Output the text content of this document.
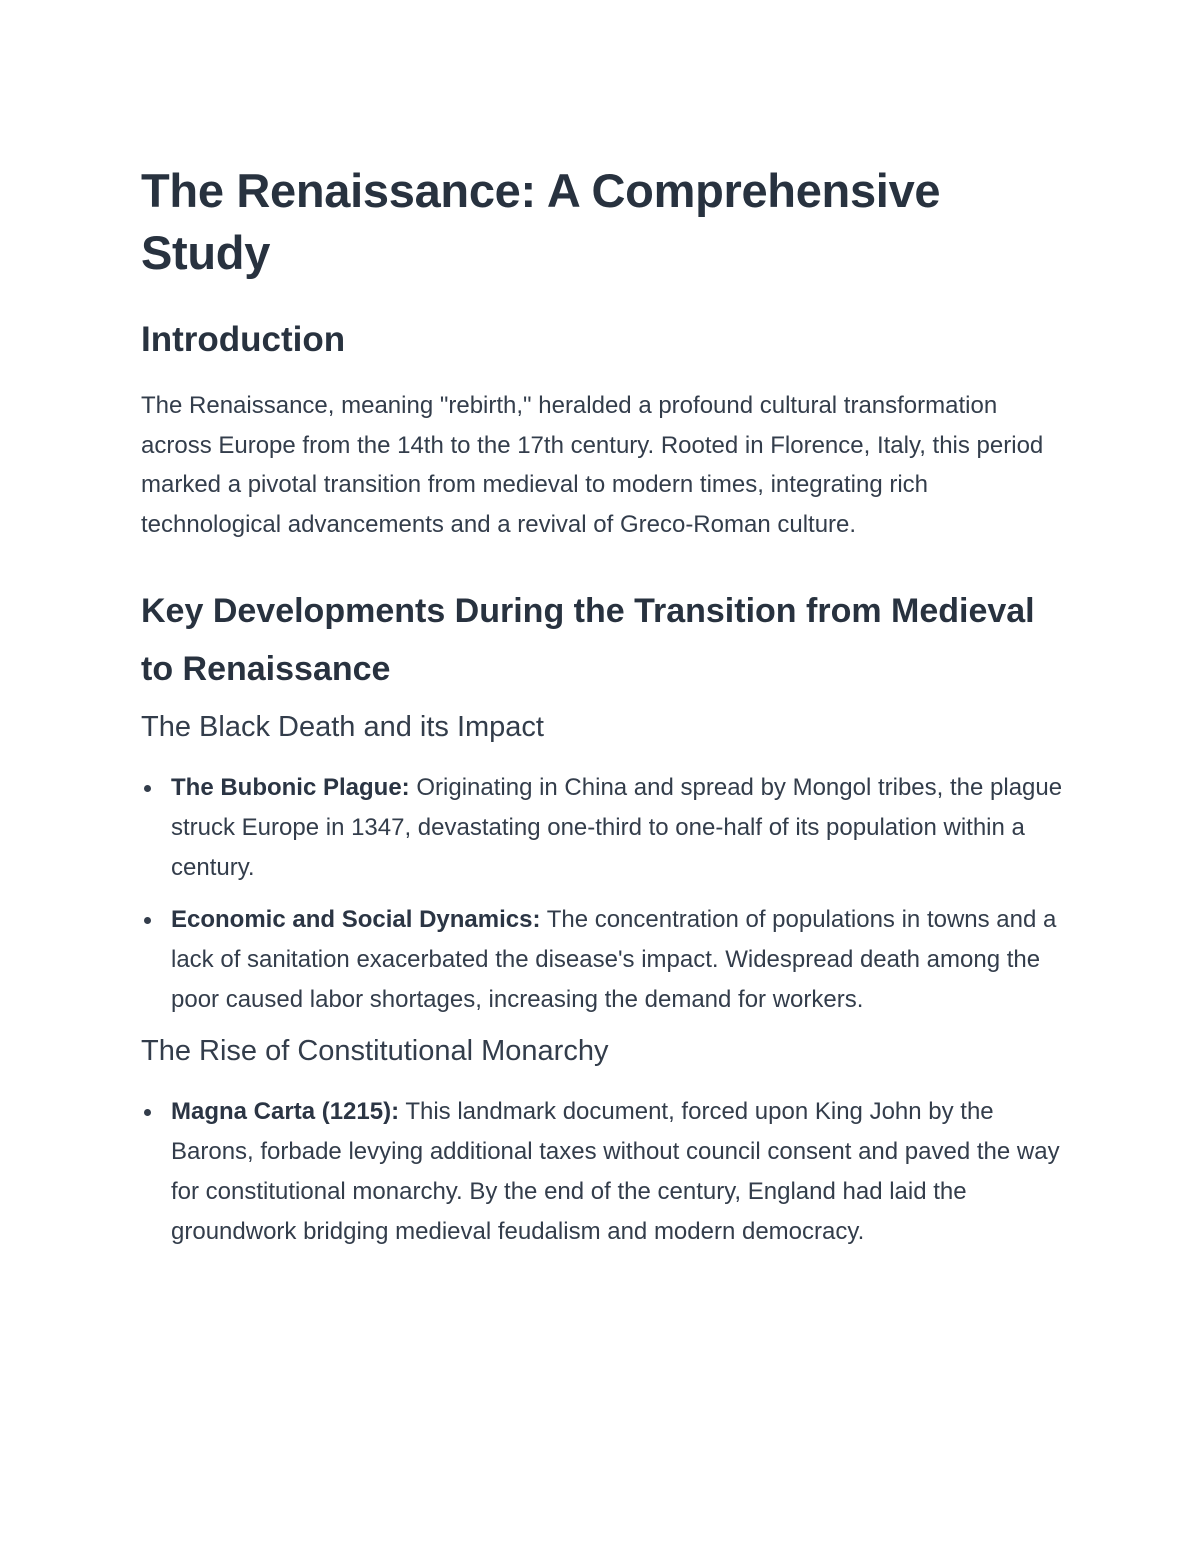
The Renaissance: A Comprehensive Study
Introduction

The Renaissance, meaning "rebirth," heralded a profound cultural transformation across Europe from the 14th to the 17th century. Rooted in Florence, Italy, this period marked a pivotal transition from medieval to modern times, integrating rich technological advancements and a revival of Greco-Roman culture.

Key Developments During the Transition from Medieval to Renaissance
The Black Death and its Impact
The Bubonic Plague: Originating in China and spread by Mongol tribes, the plague struck Europe in 1347, devastating one-third to one-half of its population within a century.
Economic and Social Dynamics: The concentration of populations in towns and a lack of sanitation exacerbated the disease's impact. Widespread death among the poor caused labor shortages, increasing the demand for workers.
The Rise of Constitutional Monarchy
Magna Carta (1215): This landmark document, forced upon King John by the Barons, forbade levying additional taxes without council consent and paved the way for constitutional monarchy. By the end of the century, England had laid the groundwork bridging medieval feudalism and modern democracy.
